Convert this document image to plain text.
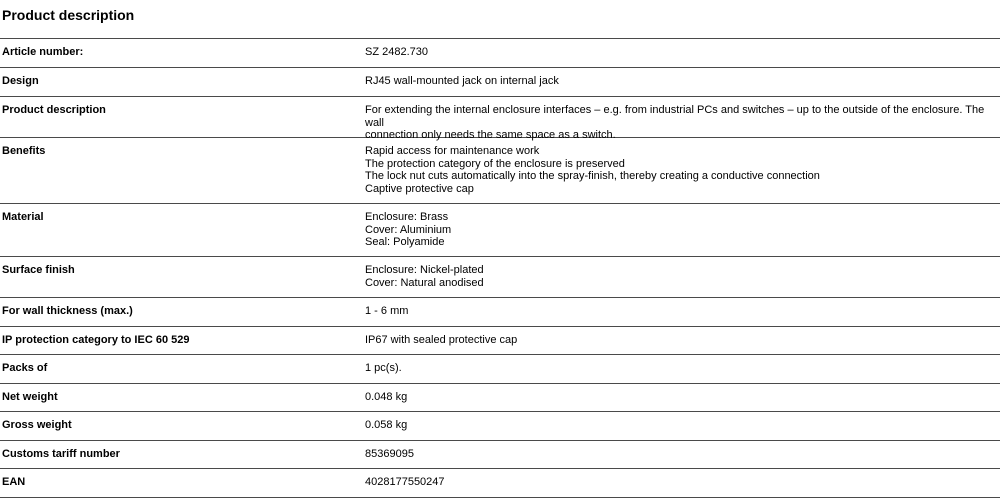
Product description
Article number:	SZ 2482.730
Design	RJ45 wall-mounted jack on internal jack
Product description	For extending the internal enclosure interfaces – e.g. from industrial PCs and switches – up to the outside of the enclosure. The wall
connection only needs the same space as a switch.
Benefits	Rapid access for maintenance work
The protection category of the enclosure is preserved
The lock nut cuts automatically into the spray-finish, thereby creating a conductive connection
Captive protective cap
Material	Enclosure: Brass
Cover: Aluminium
Seal: Polyamide
Surface finish	Enclosure: Nickel-plated
Cover: Natural anodised
For wall thickness (max.)	1 - 6 mm
IP protection category to IEC 60 529	IP67 with sealed protective cap
Packs of	1 pc(s).
Net weight	0.048 kg
Gross weight	0.058 kg
Customs tariff number	85369095
EAN	4028177550247
